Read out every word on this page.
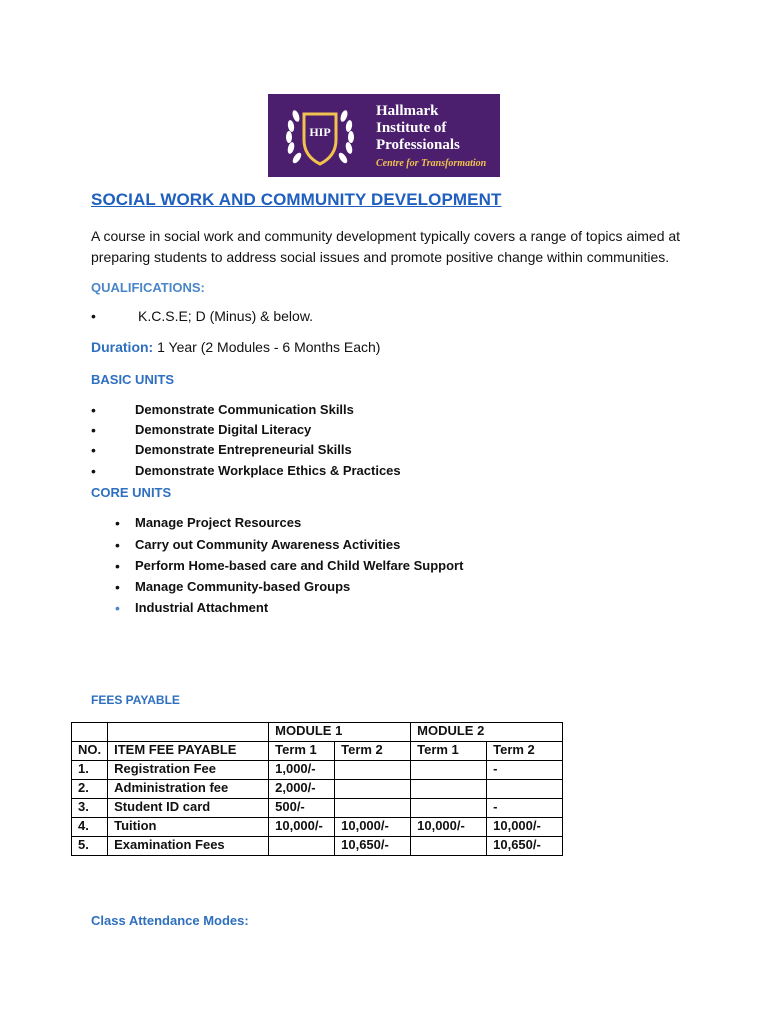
HIP
Hallmark
Institute of
Professionals
Centre for Transformation
SOCIAL WORK AND COMMUNITY DEVELOPMENT
A course in social work and community development typically covers a range of topics aimed at preparing students to address social issues and promote positive change within communities.
QUALIFICATIONS:
•	K.C.S.E; D (Minus) & below.
Duration: 1 Year (2 Modules - 6 Months Each)
BASIC UNITS
•	Demonstrate Communication Skills
•	Demonstrate Digital Literacy
•	Demonstrate Entrepreneurial Skills
•	Demonstrate Workplace Ethics & Practices
CORE UNITS
• Manage Project Resources
• Carry out Community Awareness Activities
• Perform Home-based care and Child Welfare Support
• Manage Community-based Groups
• Industrial Attachment
FEES PAYABLE
		MODULE 1		MODULE 2	
NO.	ITEM FEE PAYABLE	Term 1	Term 2	Term 1	Term 2
1.	Registration Fee	1,000/-			-
2.	Administration fee	2,000/-			
3.	Student ID card	500/-			-
4.	Tuition	10,000/-	10,000/-	10,000/-	10,000/-
5.	Examination Fees		10,650/-		10,650/-
Class Attendance Modes:
